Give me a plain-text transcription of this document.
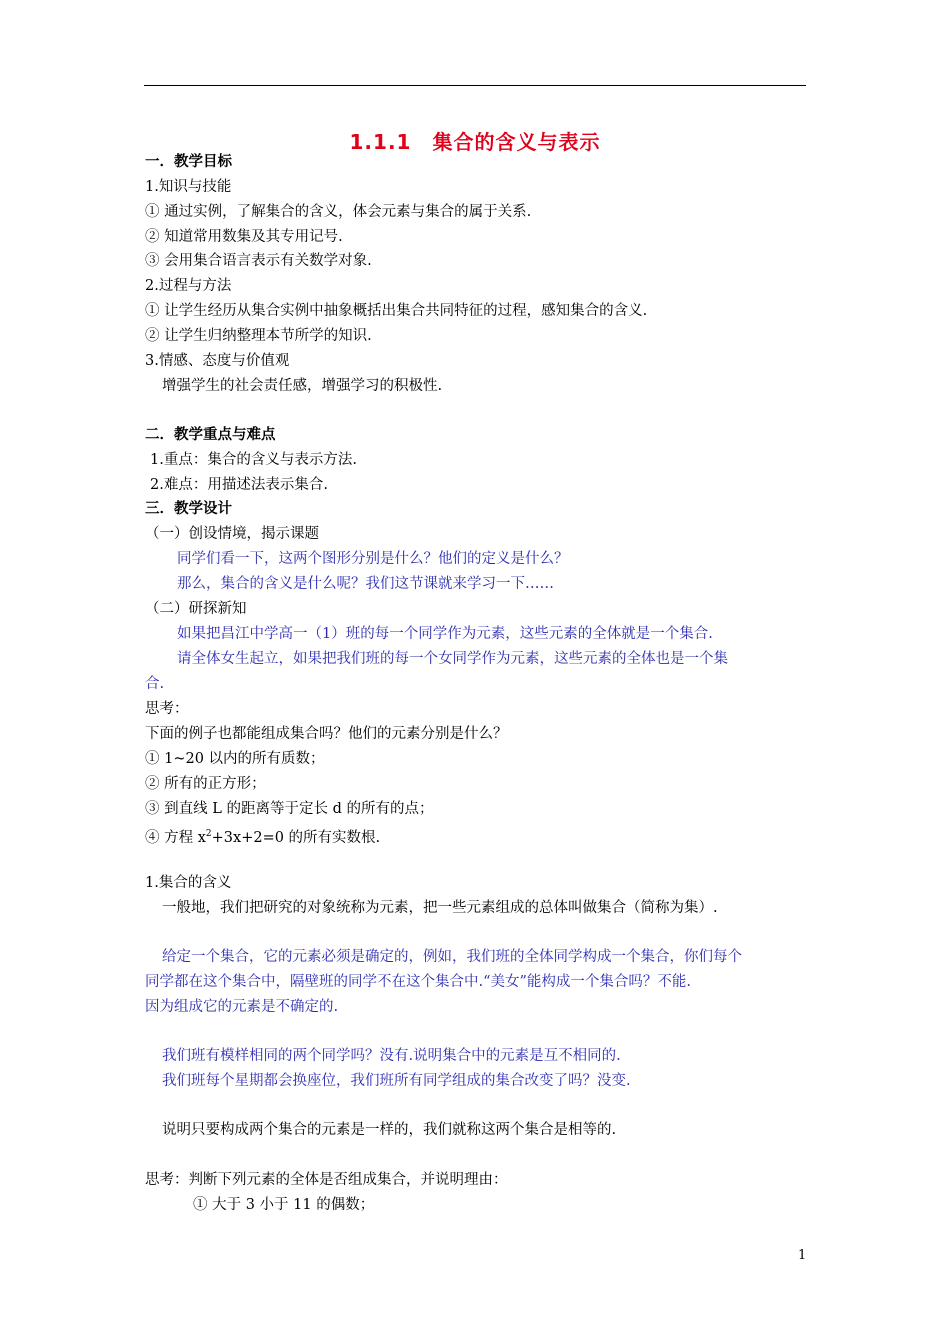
1.1.1　集合的含义与表示
一．教学目标
1.知识与技能
① 通过实例，了解集合的含义，体会元素与集合的属于关系.
② 知道常用数集及其专用记号.
③ 会用集合语言表示有关数学对象.
2.过程与方法
① 让学生经历从集合实例中抽象概括出集合共同特征的过程，感知集合的含义.
② 让学生归纳整理本节所学的知识.
3.情感、态度与价值观
增强学生的社会责任感，增强学习的积极性.
二．教学重点与难点
1.重点：集合的含义与表示方法.
2.难点：用描述法表示集合.
三．教学设计
（一）创设情境，揭示课题
同学们看一下，这两个图形分别是什么？他们的定义是什么？
那么，集合的含义是什么呢？我们这节课就来学习一下……
（二）研探新知
如果把昌江中学高一（1）班的每一个同学作为元素，这些元素的全体就是一个集合.
请全体女生起立，如果把我们班的每一个女同学作为元素，这些元素的全体也是一个集
合.
思考：
下面的例子也都能组成集合吗？他们的元素分别是什么？
① 1~20 以内的所有质数；
② 所有的正方形；
③ 到直线 L 的距离等于定长 d 的所有的点；
④ 方程 $x^2+3x+2=0$ 的所有实数根.
1.集合的含义
一般地，我们把研究的对象统称为元素，把一些元素组成的总体叫做集合（简称为集）.
给定一个集合，它的元素必须是确定的，例如，我们班的全体同学构成一个集合，你们每个
同学都在这个集合中，隔壁班的同学不在这个集合中.“美女”能构成一个集合吗？不能.
因为组成它的元素是不确定的.
我们班有模样相同的两个同学吗？没有.说明集合中的元素是互不相同的.
我们班每个星期都会换座位，我们班所有同学组成的集合改变了吗？没变.
说明只要构成两个集合的元素是一样的，我们就称这两个集合是相等的.
思考：判断下列元素的全体是否组成集合，并说明理由：
① 大于 3 小于 11 的偶数；
1
